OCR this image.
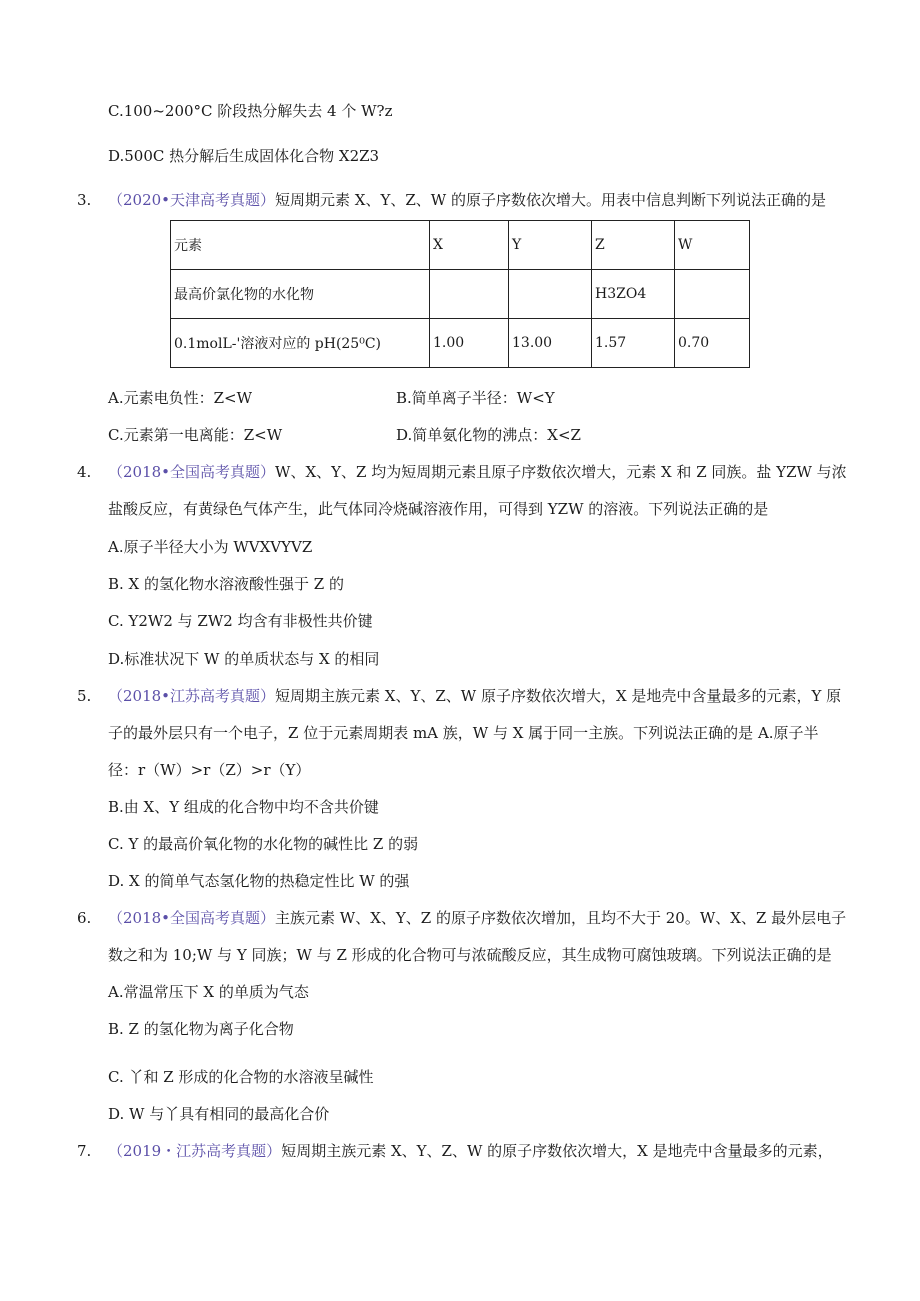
C.100~200°C 阶段热分解失去 4 个 W?z
D.500C 热分解后生成固体化合物 X2Z3
3. （2020•天津高考真题）短周期元素 X、Y、Z、W 的原子序数依次增大。用表中信息判断下列说法正确的是
元素	X	Y	Z	W
最高价氯化物的水化物			H3ZO4	
0.1molL-'溶液对应的 pH(25⁰C)	1.00	13.00	1.57	0.70
A.元素电负性：Z<W	B.简单离子半径：W<Y
C.元素第一电离能：Z<W	D.简单氨化物的沸点：X<Z
4. （2018•全国高考真题）W、X、Y、Z 均为短周期元素且原子序数依次增大，元素 X 和 Z 同族。盐 YZW 与浓
盐酸反应，有黄绿色气体产生，此气体同冷烧碱溶液作用，可得到 YZW 的溶液。下列说法正确的是
A.原子半径大小为 WVXVYVZ
B. X 的氢化物水溶液酸性强于 Z 的
C. Y2W2 与 ZW2 均含有非极性共价键
D.标准状况下 W 的单质状态与 X 的相同
5. （2018•江苏高考真题）短周期主族元素 X、Y、Z、W 原子序数依次增大，X 是地壳中含量最多的元素，Y 原
子的最外层只有一个电子，Z 位于元素周期表 mA 族，W 与 X 属于同一主族。下列说法正确的是 A.原子半
径：r（W）>r（Z）>r（Y）
B.由 X、Y 组成的化合物中均不含共价键
C. Y 的最高价氧化物的水化物的碱性比 Z 的弱
D. X 的简单气态氢化物的热稳定性比 W 的强
6. （2018•全国高考真题）主族元素 W、X、Y、Z 的原子序数依次增加，且均不大于 20。W、X、Z 最外层电子
数之和为 10;W 与 Y 同族；W 与 Z 形成的化合物可与浓硫酸反应，其生成物可腐蚀玻璃。下列说法正确的是
A.常温常压下 X 的单质为气态
B. Z 的氢化物为离子化合物
C. 丫和 Z 形成的化合物的水溶液呈碱性
D. W 与丫具有相同的最高化合价
7. （2019・江苏高考真题）短周期主族元素 X、Y、Z、W 的原子序数依次增大，X 是地壳中含量最多的元素，
